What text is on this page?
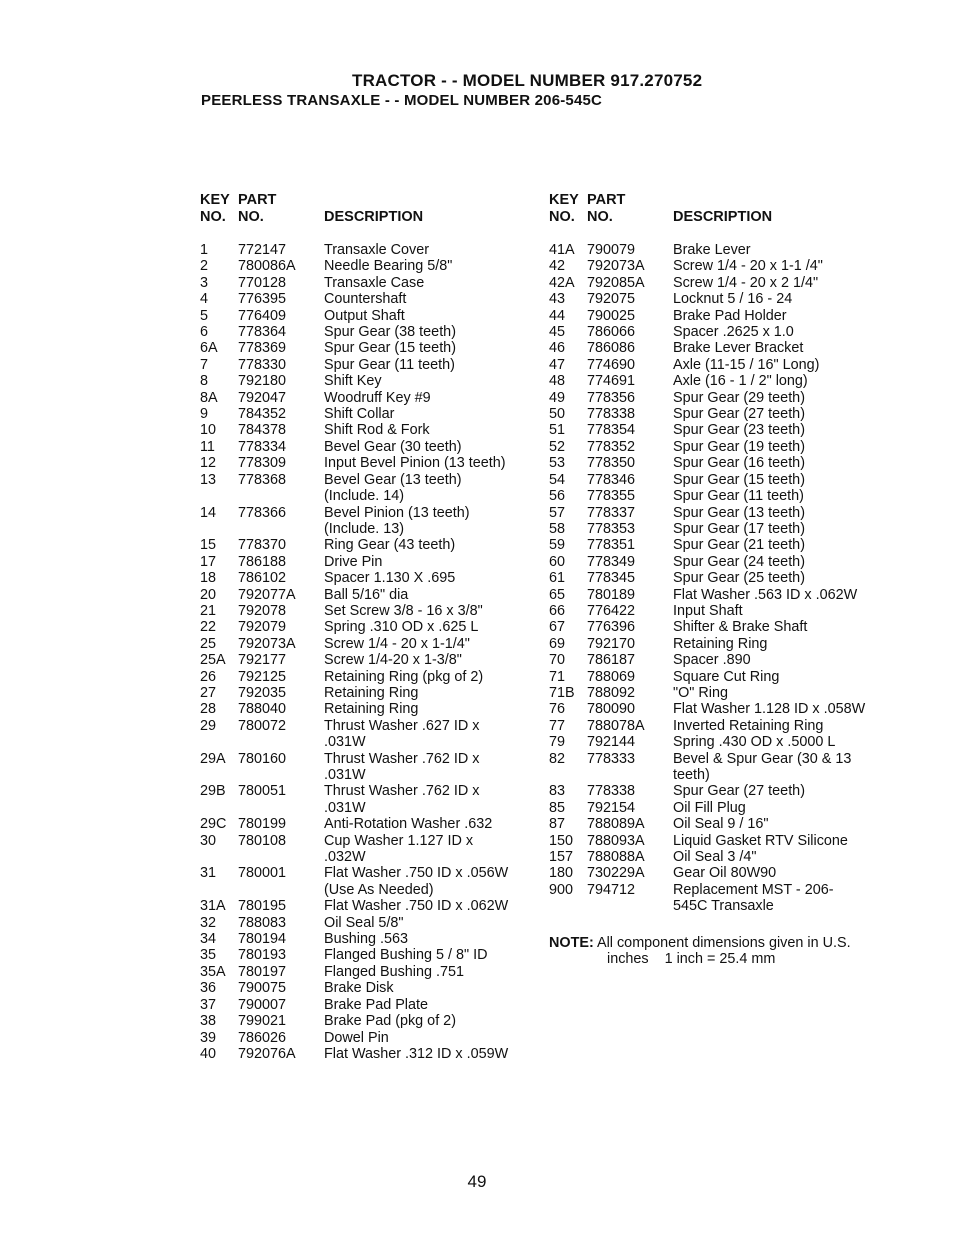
TRACTOR - - MODEL NUMBER 917.270752
PEERLESS TRANSAXLE - - MODEL NUMBER 206-545C
KEY
NO.
PART
NO.	DESCRIPTION
1	772147	Transaxle Cover
2	780086A	Needle Bearing 5/8"
3	770128	Transaxle Case
4	776395	Countershaft
5	776409	Output Shaft
6	778364	Spur Gear (38 teeth)
6A	778369	Spur Gear (15 teeth)
7	778330	Spur Gear (11 teeth)
8	792180	Shift Key
8A	792047	Woodruff Key #9
9	784352	Shift Collar
10	784378	Shift Rod & Fork
11	778334	Bevel Gear (30 teeth)
12	778309	Input Bevel Pinion (13 teeth)
13	778368	Bevel Gear (13 teeth)
(Include. 14)
14	778366	Bevel Pinion (13 teeth)
(Include. 13)
15	778370	Ring Gear (43 teeth)
17	786188	Drive Pin
18	786102	Spacer 1.130 X .695
20	792077A	Ball 5/16" dia
21	792078	Set Screw 3/8 - 16 x 3/8"
22	792079	Spring .310 OD x .625 L
25	792073A	Screw 1/4 - 20 x 1-1/4"
25A 792177	Screw 1/4-20 x 1-3/8"
26	792125	Retaining Ring (pkg of 2)
27	792035	Retaining Ring
28	788040	Retaining Ring
29	780072	Thrust Washer .627 ID x
.031W
29A 780160	Thrust Washer .762 ID x
.031W
29B 780051	Thrust Washer .762 ID x
.031W
29C 780199	Anti-Rotation Washer .632
30	780108	Cup Washer 1.127 ID x
.032W
31	780001	Flat Washer .750 ID x .056W
(Use As Needed)
31A 780195	Flat Washer .750 ID x .062W
32	788083	Oil Seal 5/8"
34	780194	Bushing .563
35	780193	Flanged Bushing 5 / 8" ID
35A 780197	Flanged Bushing .751
36	790075	Brake Disk
37	790007	Brake Pad Plate
38	799021	Brake Pad (pkg of 2)
39	786026	Dowel Pin
40	792076A	Flat Washer .312 ID x .059W
KEY
NO.
PART
NO.	DESCRIPTION
41A 790079	Brake Lever
42	792073A	Screw 1/4 - 20 x 1-1 /4"
42A 792085A	Screw 1/4 - 20 x 2 1/4"
43	792075	Locknut 5 / 16 - 24
44	790025	Brake Pad Holder
45	786066	Spacer .2625 x 1.0
46	786086	Brake Lever Bracket
47	774690	Axle (11-15 / 16" Long)
48	774691	Axle (16 - 1 / 2" long)
49	778356	Spur Gear (29 teeth)
50	778338	Spur Gear (27 teeth)
51	778354	Spur Gear (23 teeth)
52	778352	Spur Gear (19 teeth)
53	778350	Spur Gear (16 teeth)
54	778346	Spur Gear (15 teeth)
56	778355	Spur Gear (11 teeth)
57	778337	Spur Gear (13 teeth)
58	778353	Spur Gear (17 teeth)
59	778351	Spur Gear (21 teeth)
60	778349	Spur Gear (24 teeth)
61	778345	Spur Gear (25 teeth)
65	780189	Flat Washer .563 ID x .062W
66	776422	Input Shaft
67	776396	Shifter & Brake Shaft
69	792170	Retaining Ring
70	786187	Spacer .890
71	788069	Square Cut Ring
71B 788092	"O" Ring
76	780090	Flat Washer 1.128 ID x .058W
77	788078A	Inverted Retaining Ring
79	792144	Spring .430 OD x .5000 L
82	778333	Bevel & Spur Gear (30 & 13
teeth)
83	778338	Spur Gear (27 teeth)
85	792154	Oil Fill Plug
87	788089A	Oil Seal 9 / 16"
150 788093A	Liquid Gasket RTV Silicone
157 788088A	Oil Seal 3 /4"
180 730229A	Gear Oil 80W90
900 794712	Replacement MST - 206-
545C Transaxle
NOTE: All component dimensions given in U.S.
inches    1 inch = 25.4 mm
49
